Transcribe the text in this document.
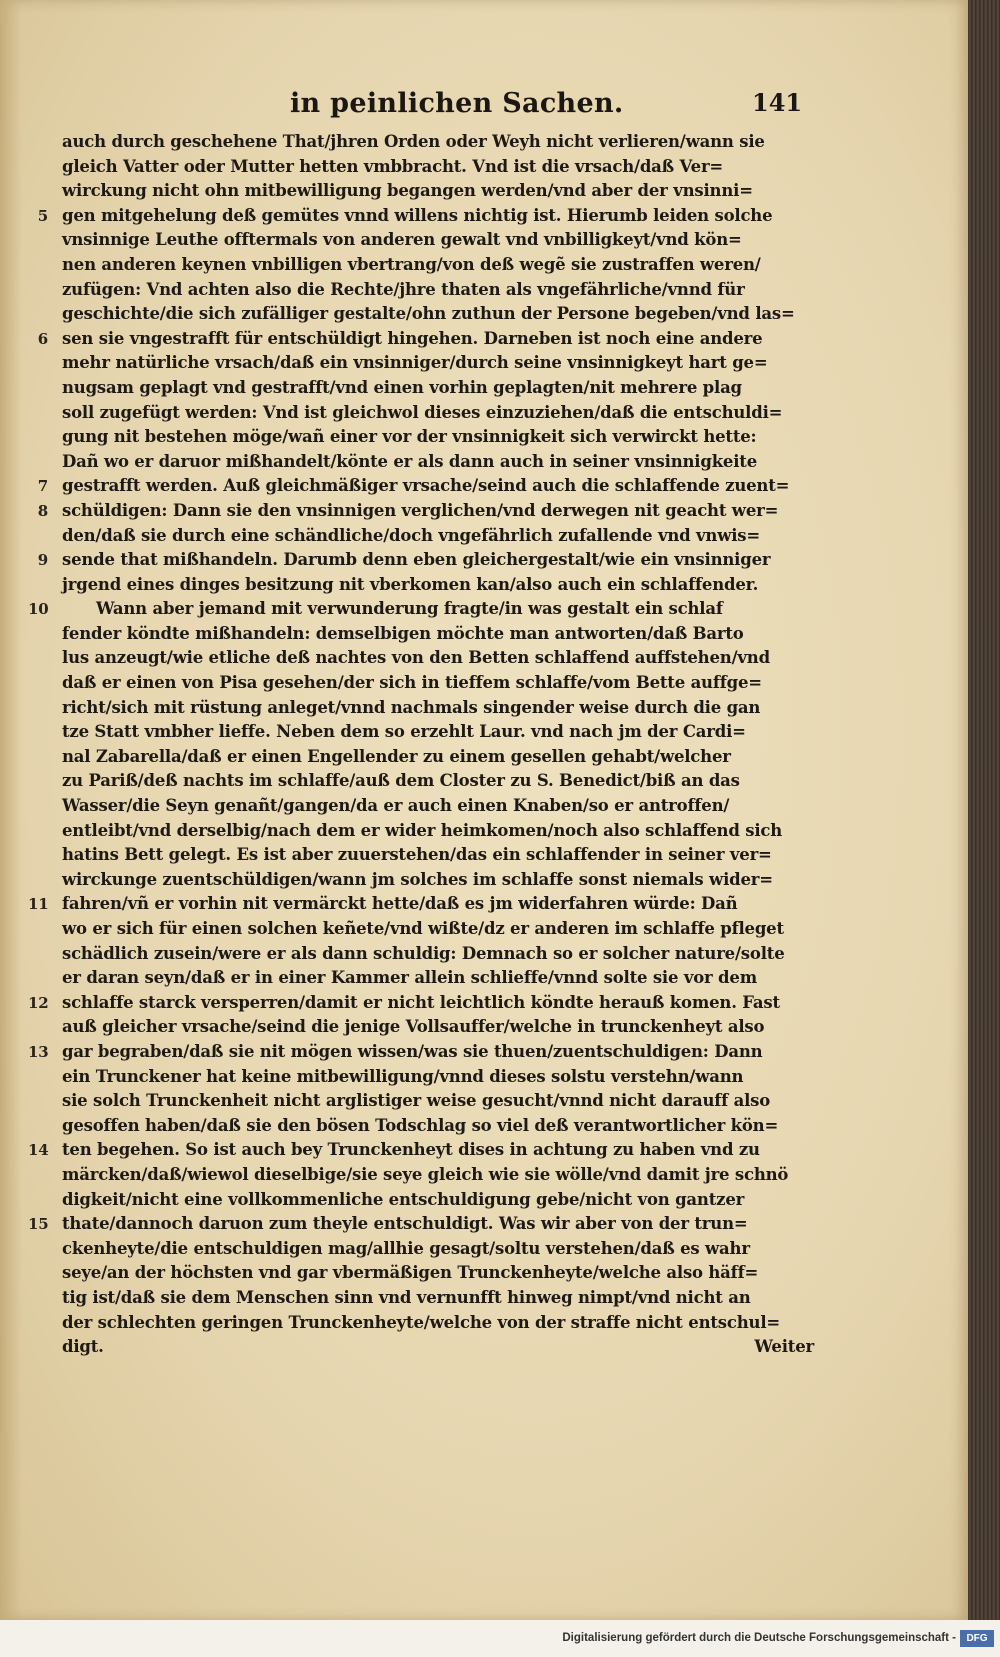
in peinlichen Sachen.	141
auch durch geschehene That/jhren Orden oder Weyh nicht verlieren/wann sie
gleich Vatter oder Mutter hetten vmbbracht. Vnd ist die vrsach/daß Ver=
wirckung nicht ohn mitbewilligung begangen werden/vnd aber der vnsinni=
5 gen mitgehelung deß gemütes vnnd willens nichtig ist. Hierumb leiden solche
vnsinnige Leuthe offtermals von anderen gewalt vnd vnbilligkeyt/vnd kön=
nen anderen keynen vnbilligen vbertrang/von deß wegẽ sie zustraffen weren/
zufügen: Vnd achten also die Rechte/jhre thaten als vngefährliche/vnnd für
geschichte/die sich zufälliger gestalte/ohn zuthun der Persone begeben/vnd las=
6 sen sie vngestrafft für entschüldigt hingehen. Darneben ist noch eine andere
mehr natürliche vrsach/daß ein vnsinniger/durch seine vnsinnigkeyt hart ge=
nugsam geplagt vnd gestrafft/vnd einen vorhin geplagten/nit mehrere plag
soll zugefügt werden: Vnd ist gleichwol dieses einzuziehen/daß die entschuldi=
gung nit bestehen möge/wañ einer vor der vnsinnigkeit sich verwirckt hette:
Dañ wo er daruor mißhandelt/könte er als dann auch in seiner vnsinnigkeite
7 gestrafft werden. Auß gleichmäßiger vrsache/seind auch die schlaffende zuent=
8 schüldigen: Dann sie den vnsinnigen verglichen/vnd derwegen nit geacht wer=
den/daß sie durch eine schändliche/doch vngefährlich zufallende vnd vnwis=
9 sende that mißhandeln. Darumb denn eben gleichergestalt/wie ein vnsinniger
jrgend eines dinges besitzung nit vberkomen kan/also auch ein schlaffender.
10	Wann aber jemand mit verwunderung fragte/in was gestalt ein schlaf
fender köndte mißhandeln: demselbigen möchte man antworten/daß Barto
lus anzeugt/wie etliche deß nachtes von den Betten schlaffend auffstehen/vnd
daß er einen von Pisa gesehen/der sich in tieffem schlaffe/vom Bette auffge=
richt/sich mit rüstung anleget/vnnd nachmals singender weise durch die gan
tze Statt vmbher lieffe. Neben dem so erzehlt Laur. vnd nach jm der Cardi=
nal Zabarella/daß er einen Engellender zu einem gesellen gehabt/welcher
zu Pariß/deß nachts im schlaffe/auß dem Closter zu S. Benedict/biß an das
Wasser/die Seyn genañt/gangen/da er auch einen Knaben/so er antroffen/
entleibt/vnd derselbig/nach dem er wider heimkomen/noch also schlaffend sich
hatins Bett gelegt. Es ist aber zuuerstehen/das ein schlaffender in seiner ver=
wirckunge zuentschüldigen/wann jm solches im schlaffe sonst niemals wider=
11 fahren/vñ er vorhin nit vermärckt hette/daß es jm widerfahren würde: Dañ
wo er sich für einen solchen keñete/vnd wißte/dz er anderen im schlaffe pfleget
schädlich zusein/were er als dann schuldig: Demnach so er solcher nature/solte
er daran seyn/daß er in einer Kammer allein schlieffe/vnnd solte sie vor dem
12 schlaffe starck versperren/damit er nicht leichtlich köndte herauß komen. Fast
auß gleicher vrsache/seind die jenige Vollsauffer/welche in trunckenheyt also
13 gar begraben/daß sie nit mögen wissen/was sie thuen/zuentschuldigen: Dann
ein Trunckener hat keine mitbewilligung/vnnd dieses solstu verstehn/wann
sie solch Trunckenheit nicht arglistiger weise gesucht/vnnd nicht darauff also
gesoffen haben/daß sie den bösen Todschlag so viel deß verantwortlicher kön=
14 ten begehen. So ist auch bey Trunckenheyt dises in achtung zu haben vnd zu
märcken/daß/wiewol dieselbige/sie seye gleich wie sie wölle/vnd damit jre schnö
digkeit/nicht eine vollkommenliche entschuldigung gebe/nicht von gantzer
15 thate/dannoch daruon zum theyle entschuldigt. Was wir aber von der trun=
ckenheyte/die entschuldigen mag/allhie gesagt/soltu verstehen/daß es wahr
seye/an der höchsten vnd gar vbermäßigen Trunckenheyte/welche also häff=
tig ist/daß sie dem Menschen sinn vnd vernunfft hinweg nimpt/vnd nicht an
der schlechten geringen Trunckenheyte/welche von der straffe nicht entschul=
digt.	Weiter
Digitalisierung gefördert durch die Deutsche Forschungsgemeinschaft -	DFG
